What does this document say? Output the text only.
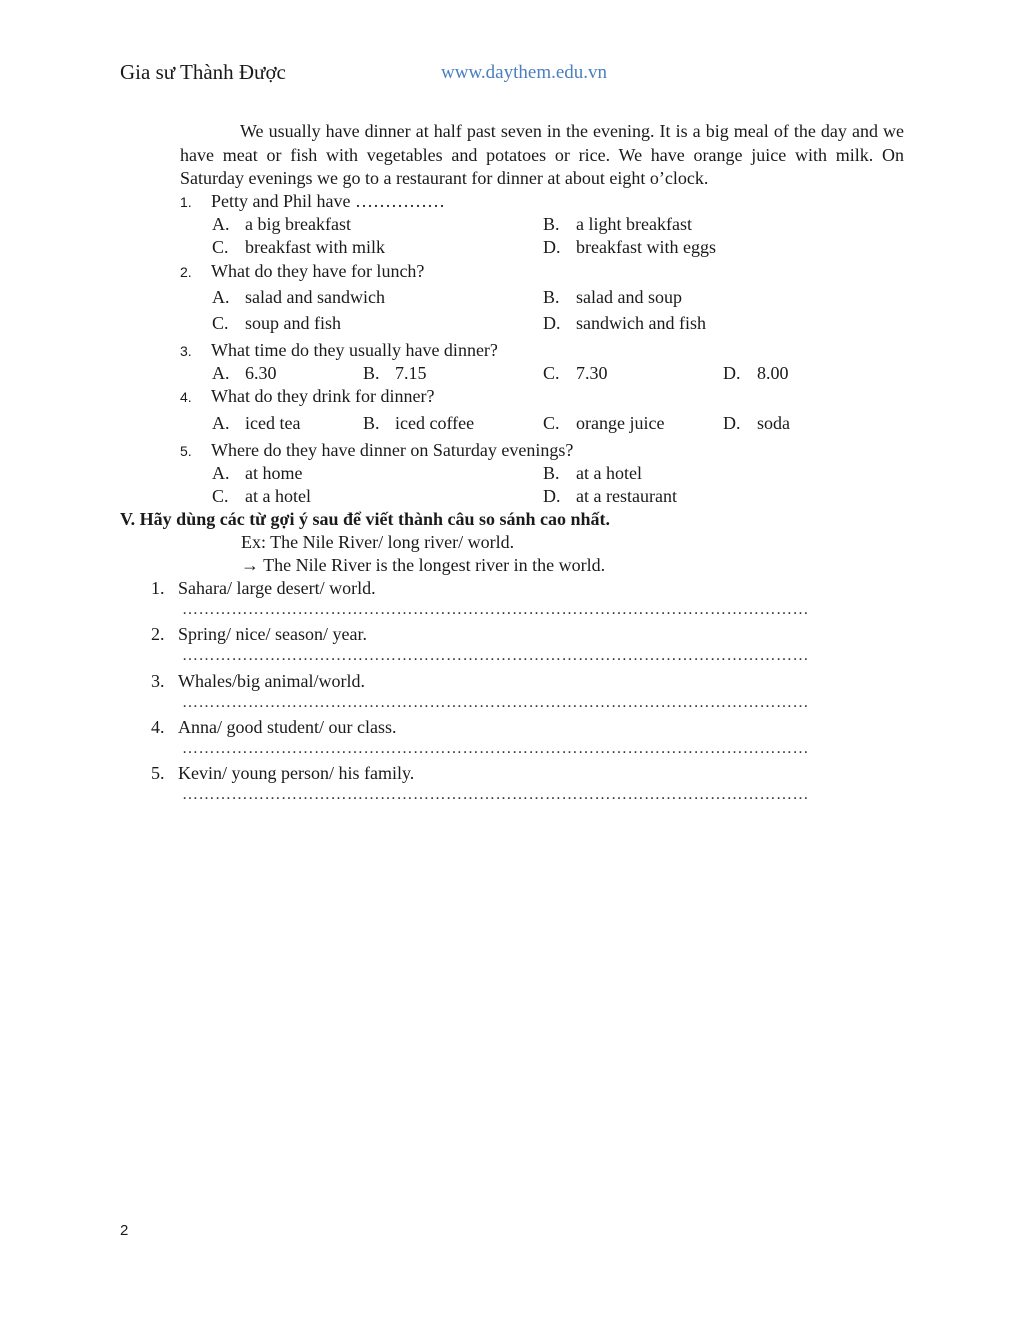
Gia sư Thành Được	www.daythem.edu.vn

We usually have dinner at half past seven in the evening. It is a big meal of the day and we have meat or fish with vegetables and potatoes or rice. We have orange juice with milk. On Saturday evenings we go to a restaurant for dinner at about eight o’clock.

1. Petty and Phil have ……………
A. a big breakfast	B. a light breakfast
C. breakfast with milk	D. breakfast with eggs
2. What do they have for lunch?
A. salad and sandwich	B. salad and soup
C. soup and fish	D. sandwich and fish
3. What time do they usually have dinner?
A. 6.30	B. 7.15	C. 7.30	D. 8.00
4. What do they drink for dinner?
A. iced tea	B. iced coffee	C. orange juice	D. soda
5. Where do they have dinner on Saturday evenings?
A. at home	B. at a hotel
C. at a hotel	D. at a restaurant
V. Hãy dùng các từ gợi ý sau để viết thành câu so sánh cao nhất.
Ex: The Nile River/ long river/ world.
→ The Nile River is the longest river in the world.
1. Sahara/ large desert/ world.
……………………………………………………………………………………………………
2. Spring/ nice/ season/ year.
……………………………………………………………………………………………………
3. Whales/big animal/world.
……………………………………………………………………………………………………
4. Anna/ good student/ our class.
……………………………………………………………………………………………………
5. Kevin/ young person/ his family.
……………………………………………………………………………………………………
2
